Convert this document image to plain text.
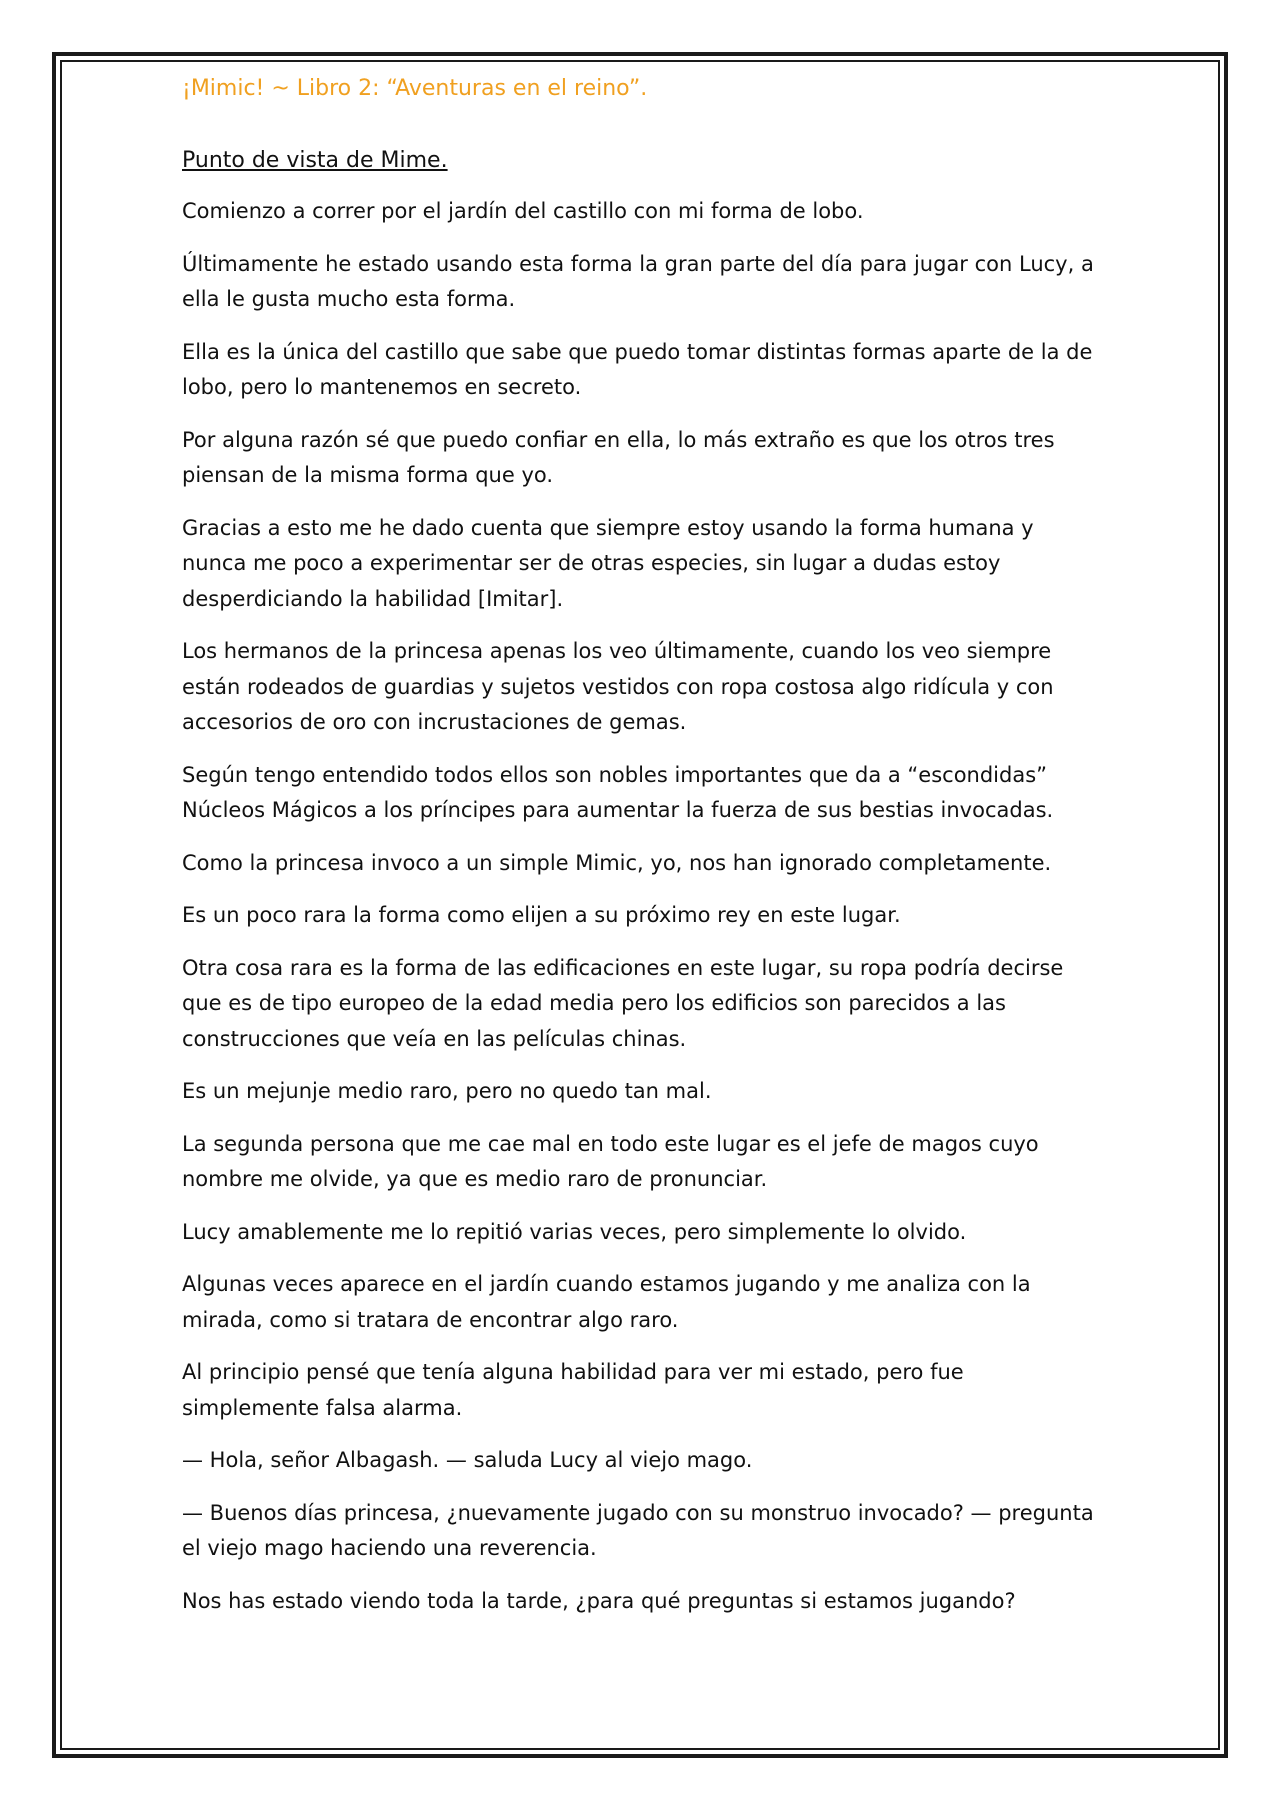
¡Mimic! ~ Libro 2: “Aventuras en el reino”.
Punto de vista de Mime.

Comienzo a correr por el jardín del castillo con mi forma de lobo.

Últimamente he estado usando esta forma la gran parte del día para jugar con Lucy, a ella le gusta mucho esta forma.

Ella es la única del castillo que sabe que puedo tomar distintas formas aparte de la de lobo, pero lo mantenemos en secreto.

Por alguna razón sé que puedo confiar en ella, lo más extraño es que los otros tres piensan de la misma forma que yo.

Gracias a esto me he dado cuenta que siempre estoy usando la forma humana y nunca me poco a experimentar ser de otras especies, sin lugar a dudas estoy desperdiciando la habilidad [Imitar].

Los hermanos de la princesa apenas los veo últimamente, cuando los veo siempre están rodeados de guardias y sujetos vestidos con ropa costosa algo ridícula y con accesorios de oro con incrustaciones de gemas.

Según tengo entendido todos ellos son nobles importantes que da a “escondidas” Núcleos Mágicos a los príncipes para aumentar la fuerza de sus bestias invocadas.

Como la princesa invoco a un simple Mimic, yo, nos han ignorado completamente.

Es un poco rara la forma como elijen a su próximo rey en este lugar.

Otra cosa rara es la forma de las edificaciones en este lugar, su ropa podría decirse que es de tipo europeo de la edad media pero los edificios son parecidos a las construcciones que veía en las películas chinas.

Es un mejunje medio raro, pero no quedo tan mal.

La segunda persona que me cae mal en todo este lugar es el jefe de magos cuyo nombre me olvide, ya que es medio raro de pronunciar.

Lucy amablemente me lo repitió varias veces, pero simplemente lo olvido.

Algunas veces aparece en el jardín cuando estamos jugando y me analiza con la mirada, como si tratara de encontrar algo raro.

Al principio pensé que tenía alguna habilidad para ver mi estado, pero fue simplemente falsa alarma.

— Hola, señor Albagash. — saluda Lucy al viejo mago.

— Buenos días princesa, ¿nuevamente jugado con su monstruo invocado? — pregunta el viejo mago haciendo una reverencia.

Nos has estado viendo toda la tarde, ¿para qué preguntas si estamos jugando?
